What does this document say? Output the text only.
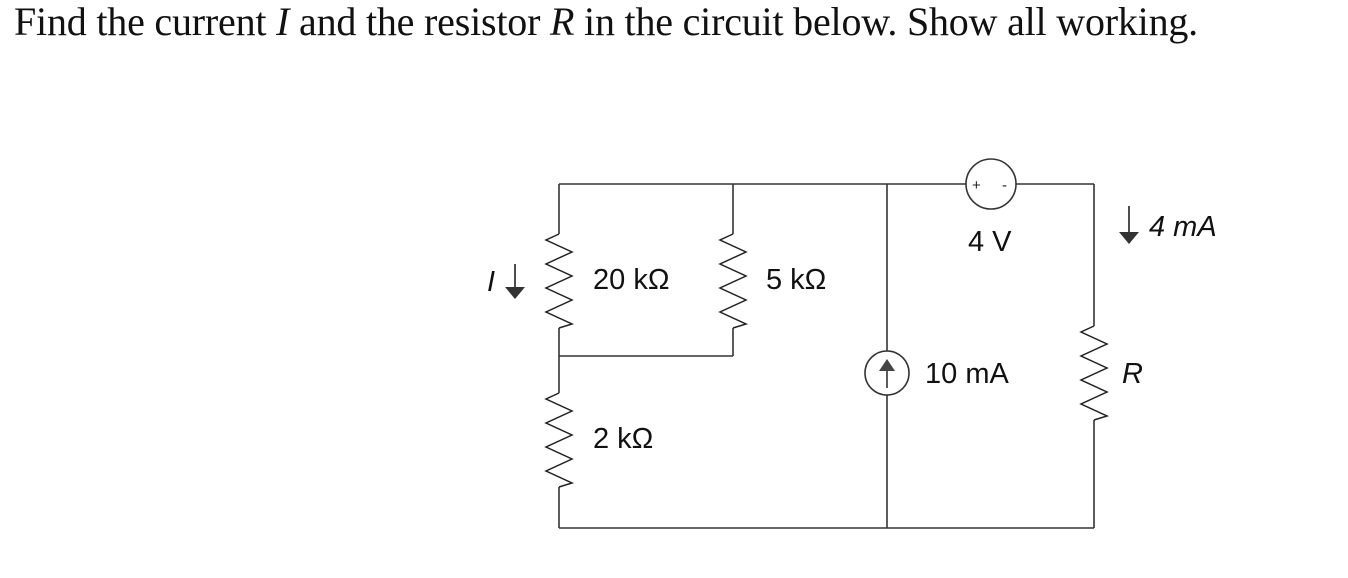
Find the current I and the resistor R in the circuit below. Show all working.
+ -
20 kΩ	5 kΩ
2 kΩ
4 V
10 mA	R
4 mA
I
